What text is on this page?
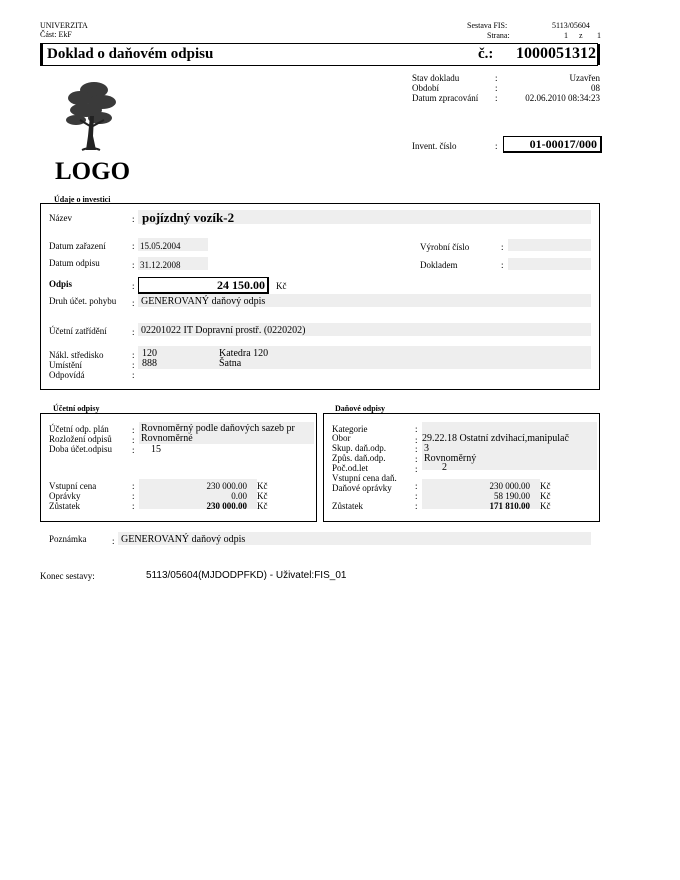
UNIVERZITA
Část: EkF
Sestava FIS:	5113/05604
Strana:	1 z 1
Doklad o daňovém odpisu	č.: 1000051312
Stav dokladu	:	Uzavřen
Období	:	08
Datum zpracování :	02.06.2010 08:34:23
Invent. číslo	:	01-00017/000
LOGO
Údaje o investici
Název	: pojízdný vozík-2
Datum zařazení	: 15.05.2004
Datum odpisu	: 31.12.2008
Výrobní číslo	:
Dokladem	:
Odpis	:	24 150.00 Kč
Druh účet. pohybu : GENEROVANÝ daňový odpis
Účetní zatřídění	: 02201022 IT Dopravní prostř. (0220202)
Nákl. středisko	: 120	Katedra 120
Umístění	: 888	Šatna
Odpovídá	:
Účetní odpisy
Účetní odp. plán	: Rovnoměrný podle daňových sazeb pr
Rozložení odpisů : Rovnoměrné
Doba účet.odpisu : 15
Vstupní cena	:	230 000.00 Kč
Oprávky	:	0.00 Kč
Zůstatek	:	230 000.00 Kč
Daňové odpisy
Kategorie	:
Obor	: 29.22.18 Ostatní zdvihací,manipulač
Skup. daň.odp.	: 3
Způs. daň.odp.	: Rovnoměrný
Poč.od.let	: 2
Vstupní cena daň.
:	230 000.00 Kč
Daňové oprávky
:	58 190.00 Kč
Zůstatek	:	171 810.00 Kč
Poznámka	: GENEROVANÝ daňový odpis
Konec sestavy:	5113/05604(MJDODPFKD) - Uživatel:FIS_01
